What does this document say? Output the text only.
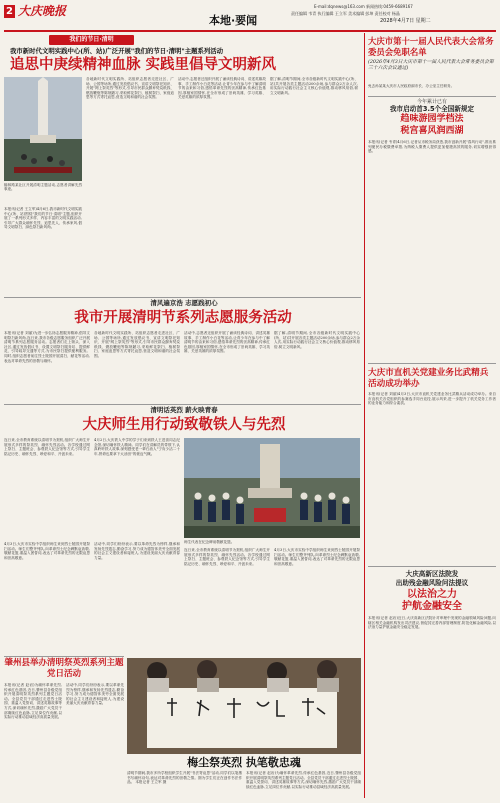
2 大庆晚报	E-mail:dqnews@163.com 新闻热线:0459-6689167
责任编辑 韦青 执行编辑 王立军 美术编辑 彭坤 责任校对 杨晶
2028年4月7日 星期二
本地·要闻
我们的节日·清明
我市新时代文明实践中心(所、站)广泛开展"我们的节日·清明"主题系列活动
追思中庚续精神血脉 实践里倡导文明新风
榆林路某社区开展清明主题活动,志愿者讲解先烈事迹。
本报讯(记者 王立军)4月6日,我市新时代文明实践中心(所、站)围绕"我们的节日·清明"主题,组织开展了一系列形式多样、内容丰富的文明实践活动,引导广大群众缅怀先烈、追思先人、传承家风,倡导文明祭扫、绿色祭扫新风尚。
各地新时代文明实践所、站组织志愿者走进社区、广场、公园等场所,通过发放倡议书、宣讲文明祭祀知识、开展"网上祭英烈"等形式,引导市民群众摒弃焚烧纸钱、燃放鞭炮等陈规陋习,采取鲜花祭扫、植树祭扫、家庭追思等方式寄托哀思,营造文明和谐的社会氛围。
活动中,志愿者还组织开展了诵读经典诗词、讲述英雄故事、手工制作小白花等活动,让青少年在参与中了解清明节的由来和习俗,感悟革命先烈的崇高精神,传承红色基因,厚植家国情怀,在全市形成了崇尚英雄、学习英雄、关爱英雄的浓厚氛围。
据了解,清明节期间,全市各级新时代文明实践中心(所、站)共开展各类主题活动200余场,参与群众2万余人次,用实际行动践行社会主义核心价值观,推动移风易俗,树立文明新风。
清风遍京浩 志愿践初心
我市开展清明节系列志愿服务活动
本报讯(记者 刘丽)为进一步弘扬志愿服务精神,倡导文明祭扫新风尚,连日来,我市各级志愿服务组织广泛开展清明节系列志愿服务活动。志愿者们走上街头、深入社区,通过发放倡议书、设置文明祭扫服务站、提供鲜花、引导疏导交通等方式,为市民祭扫提供便利服务。同时,组织志愿者前往烈士陵园开展清扫、献花等活动,表达对革命先烈的崇敬与缅怀。
各地新时代文明实践所、站组织志愿者走进社区、广场、公园等场所,通过发放倡议书、宣讲文明祭祀知识、开展"网上祭英烈"等形式,引导市民群众摒弃焚烧纸钱、燃放鞭炮等陈规陋习,采取鲜花祭扫、植树祭扫、家庭追思等方式寄托哀思,营造文明和谐的社会氛围。
活动中,志愿者还组织开展了诵读经典诗词、讲述英雄故事、手工制作小白花等活动,让青少年在参与中了解清明节的由来和习俗,感悟革命先烈的崇高精神,传承红色基因,厚植家国情怀,在全市形成了崇尚英雄、学习英雄、关爱英雄的浓厚氛围。
据了解,清明节期间,全市各级新时代文明实践中心(所、站)共开展各类主题活动200余场,参与群众2万余人次,用实际行动践行社会主义核心价值观,推动移风易俗,树立文明新风。
清明话英烈 薪火映青春
大庆师生用行动致敬铁人与先烈
连日来,全市教育系统以清明节为契机,组织广大师生开展形式多样的祭英烈、缅怀先烈活动。各学校通过网上祭扫、主题班会、参观铁人纪念馆等方式,引导学生铭记历史、缅怀先烈、珍爱和平、开创未来。
4月2日,大庆铁人中学的学子们来到铁人王进喜同志纪念馆,深切缅怀铁人精神。同学们在讲解员的带领下,认真聆听铁人故事,深刻感受老一辈石油人"宁肯少活二十年,拼命也要拿下大油田"的豪迈气概。
师生代表在纪念碑前敬献花篮。
4月3日,大庆市实验中学组织师生来到烈士陵园开展祭扫活动。师生们整齐列队,向革命烈士纪念碑默哀致敬,敬献花篮,重温入团誓词,表达了对革命先烈的无限哀思和崇高敬意。
活动中,同学们纷纷表示,要以革命先烈为榜样,继承和发扬先烈遗志,勤奋学习,努力成为德智体美劳全面发展的社会主义建设者和接班人,为建设美丽大庆贡献青春力量。
连日来,全市教育系统以清明节为契机,组织广大师生开展形式多样的祭英烈、缅怀先烈活动。各学校通过网上祭扫、主题班会、参观铁人纪念馆等方式,引导学生铭记历史、缅怀先烈、珍爱和平、开创未来。
4月3日,大庆市实验中学组织师生来到烈士陵园开展祭扫活动。师生们整齐列队,向革命烈士纪念碑默哀致敬,敬献花篮,重温入团誓词,表达了对革命先烈的无限哀思和崇高敬意。
肇州县举办清明祭英烈系列主题党日活动
本报讯(记者 赵岩)为缅怀革命先烈,传承红色基因,近日,肇州县各级党组织开展清明祭英烈系列主题党日活动。全县党员干部通过走进烈士陵园、重温入党誓词、讲述英雄故事等方式,深切缅怀先烈,激励广大党员干部赓续红色血脉,立足岗位作贡献,以实际行动推动县域经济高质量发展。
活动中,同学们纷纷表示,要以革命先烈为榜样,继承和发扬先烈遗志,勤奋学习,努力成为德智体美劳全面发展的社会主义建设者和接班人,为建设美丽大庆贡献青春力量。
梅尘祭英烈 执笔敬忠魂
清明节期间,我市多所学校组织学生开展"书法寄哀思"活动,同学们以笔墨书写缅怀诗句,表达对革命先烈的崇敬之情。图为学生们正在创作书法作品。 本报记者 王立军 摄
本报讯(记者 赵岩)为缅怀革命先烈,传承红色基因,近日,肇州县各级党组织开展清明祭英烈系列主题党日活动。全县党员干部通过走进烈士陵园、重温入党誓词、讲述英雄故事等方式,深切缅怀先烈,激励广大党员干部赓续红色血脉,立足岗位作贡献,以实际行动推动县域经济高质量发展。
大庆市第十一届人民代表大会常务委员会免职名单
(2026年4月3日大庆市第十一届人民代表大会常务委员会第三十六次会议通过)
免去孙某某大庆市人民政府副市长、办公室主任职务。
今年累计已有
我市启动首3.5个全国新规定
趋味游园学档法
税宫喜风润西湖
本报讯(记者 韦青)4月6日,记者从市税务局获悉,我市创新开展"春风行动",推出系列便民办税缴费举措,为纳税人缴费人提供更加便捷高效的服务,切实增强获得感。
大庆市直机关党建业务比武精兵活动成功举办
本报讯(记者 刘丽)4月3日,大庆市直机关党建业务比武精兵活动成功举办。来自市直机关各党组织的参赛选手同台竞技,展示风采,进一步提升了机关党务工作者的业务能力和综合素质。
大庆高新区法院发
出助残金融风险问法提议
以法治之力
护航金融安全
本报讯(记者 赵岩)近日,大庆高新区法院针对审理中发现的金融领域风险问题,向辖区相关金融机构发出司法建议,督促其完善内部管理制度,防范化解金融风险,以法治力量护航金融安全稳定发展。
